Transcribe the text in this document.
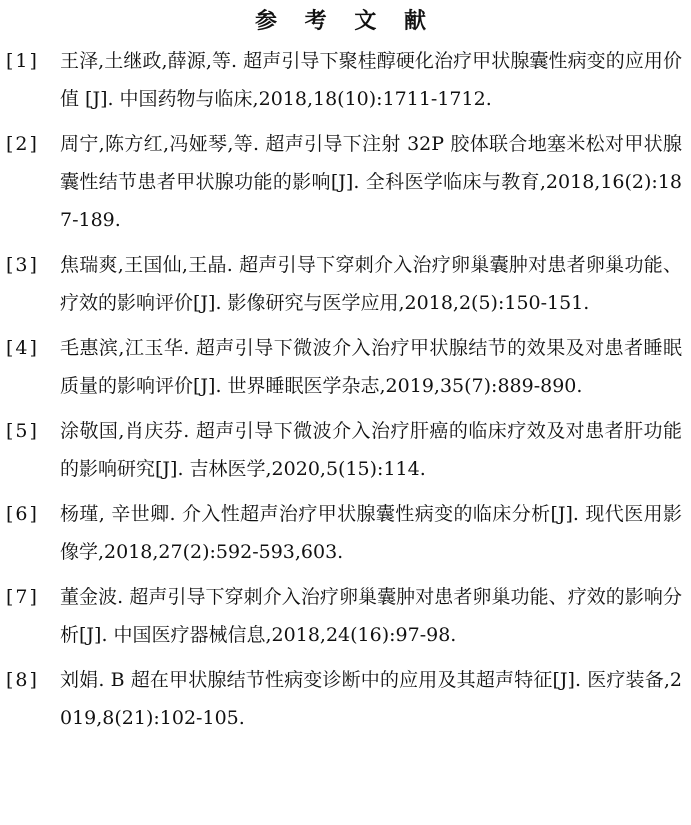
参 考 文 献
[1]	王泽,土继政,薛源,等. 超声引导下聚桂醇硬化治疗甲状腺囊性病变的应用价值 [J]. 中国药物与临床,2018,18(10):1711-1712.
[2]	周宁,陈方红,冯娅琴,等. 超声引导下注射 32P 胶体联合地塞米松对甲状腺囊性结节患者甲状腺功能的影响[J]. 全科医学临床与教育,2018,16(2):187-189.
[3]	焦瑞爽,王国仙,王晶. 超声引导下穿刺介入治疗卵巢囊肿对患者卵巢功能、疗效的影响评价[J]. 影像研究与医学应用,2018,2(5):150-151.
[4]	毛惠滨,江玉华. 超声引导下微波介入治疗甲状腺结节的效果及对患者睡眠质量的影响评价[J]. 世界睡眠医学杂志,2019,35(7):889-890.
[5]	涂敬国,肖庆芬. 超声引导下微波介入治疗肝癌的临床疗效及对患者肝功能的影响研究[J]. 吉林医学,2020,5(15):114.
[6]	杨瑾, 辛世卿. 介入性超声治疗甲状腺囊性病变的临床分析[J]. 现代医用影像学,2018,27(2):592-593,603.
[7]	董金波. 超声引导下穿刺介入治疗卵巢囊肿对患者卵巢功能、疗效的影响分析[J]. 中国医疗器械信息,2018,24(16):97-98.
[8]	刘娟. B 超在甲状腺结节性病变诊断中的应用及其超声特征[J]. 医疗装备,2019,8(21):102-105.
